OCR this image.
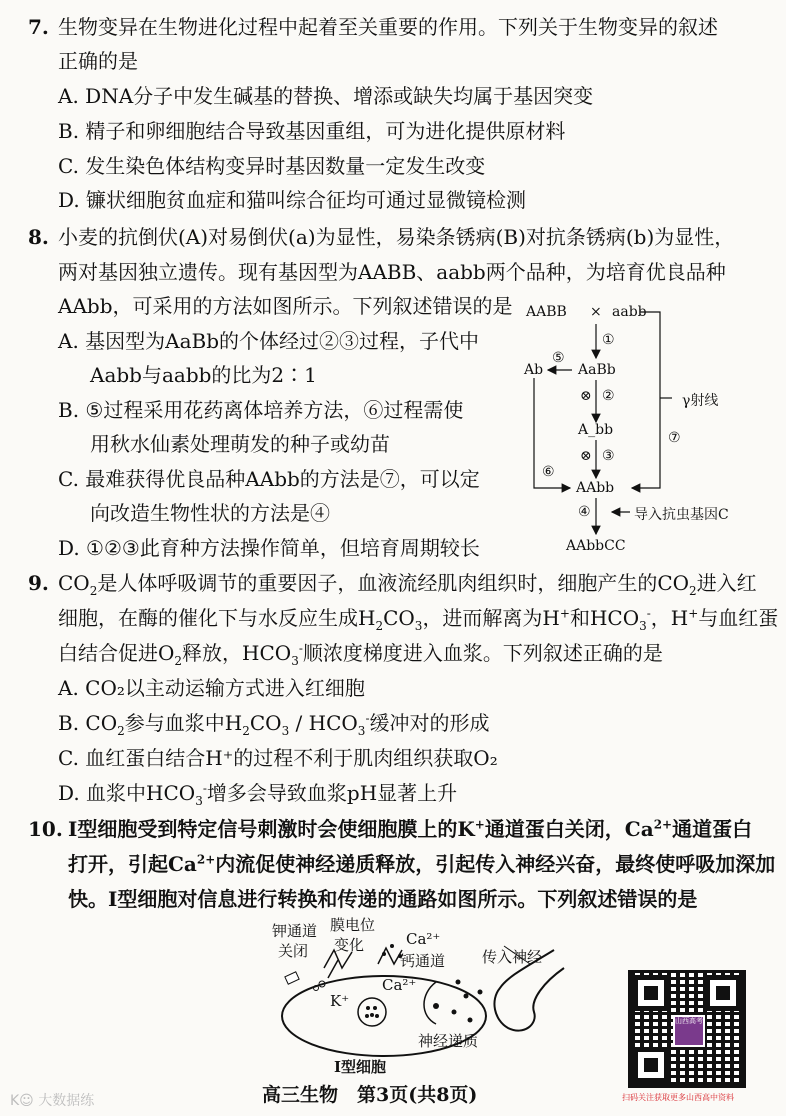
7. 生物变异在生物进化过程中起着至关重要的作用。下列关于生物变异的叙述
正确的是
A. DNA分子中发生碱基的替换、增添或缺失均属于基因突变
B. 精子和卵细胞结合导致基因重组，可为进化提供原材料
C. 发生染色体结构变异时基因数量一定发生改变
D. 镰状细胞贫血症和猫叫综合征均可通过显微镜检测
8. 小麦的抗倒伏(A)对易倒伏(a)为显性，易染条锈病(B)对抗条锈病(b)为显性，
两对基因独立遗传。现有基因型为AABB、aabb两个品种，为培育优良品种
AAbb，可采用的方法如图所示。下列叙述错误的是
A. 基因型为AaBb的个体经过②③过程，子代中
Aabb与aabb的比为2∶1
B. ⑤过程采用花药离体培养方法，⑥过程需使
用秋水仙素处理萌发的种子或幼苗
C. 最难获得优良品种AAbb的方法是⑦，可以定
向改造生物性状的方法是④
D. ①②③此育种方法操作简单，但培育周期较长
AABB × aabb
①
⑤
Ab AaBb
⊗ ②	γ射线
A_bb
⊗ ③
⑦
⑥
AAbb
④	导入抗虫基因C
AAbbCC
9. $CO_2$是人体呼吸调节的重要因子，血液流经肌肉组织时，细胞产生的$CO_2$进入红
细胞，在酶的催化下与水反应生成$H_2CO_3$，进而解离为H+和$HCO_3^-$，H+与血红蛋
白结合促进$O_2$释放，$HCO_3^-$顺浓度梯度进入血浆。下列叙述正确的是
A. CO₂以主动运输方式进入红细胞
B. $CO_2$参与血浆中$H_2CO_3 / HCO_3^-$缓冲对的形成
C. 血红蛋白结合H⁺的过程不利于肌肉组织获取O₂
D. 血浆中$HCO_3^-$增多会导致血浆pH显著上升
10. Ⅰ型细胞受到特定信号刺激时会使细胞膜上的K+通道蛋白关闭，$Ca^{2+}$通道蛋白
打开，引起$Ca^{2+}$内流促使神经递质释放，引起传入神经兴奋，最终使呼吸加深加
快。Ⅰ型细胞对信息进行转换和传递的通路如图所示。下列叙述错误的是
钾通道
关闭
膜电位
变化	Ca²⁺
钙通道 传入神经
K⁺
Ca²⁺
神经递质
Ⅰ型细胞
山西高考
扫码关注获取更多山西高中资料
高三生物　第3页(共8页)
K☺ 大数据练
